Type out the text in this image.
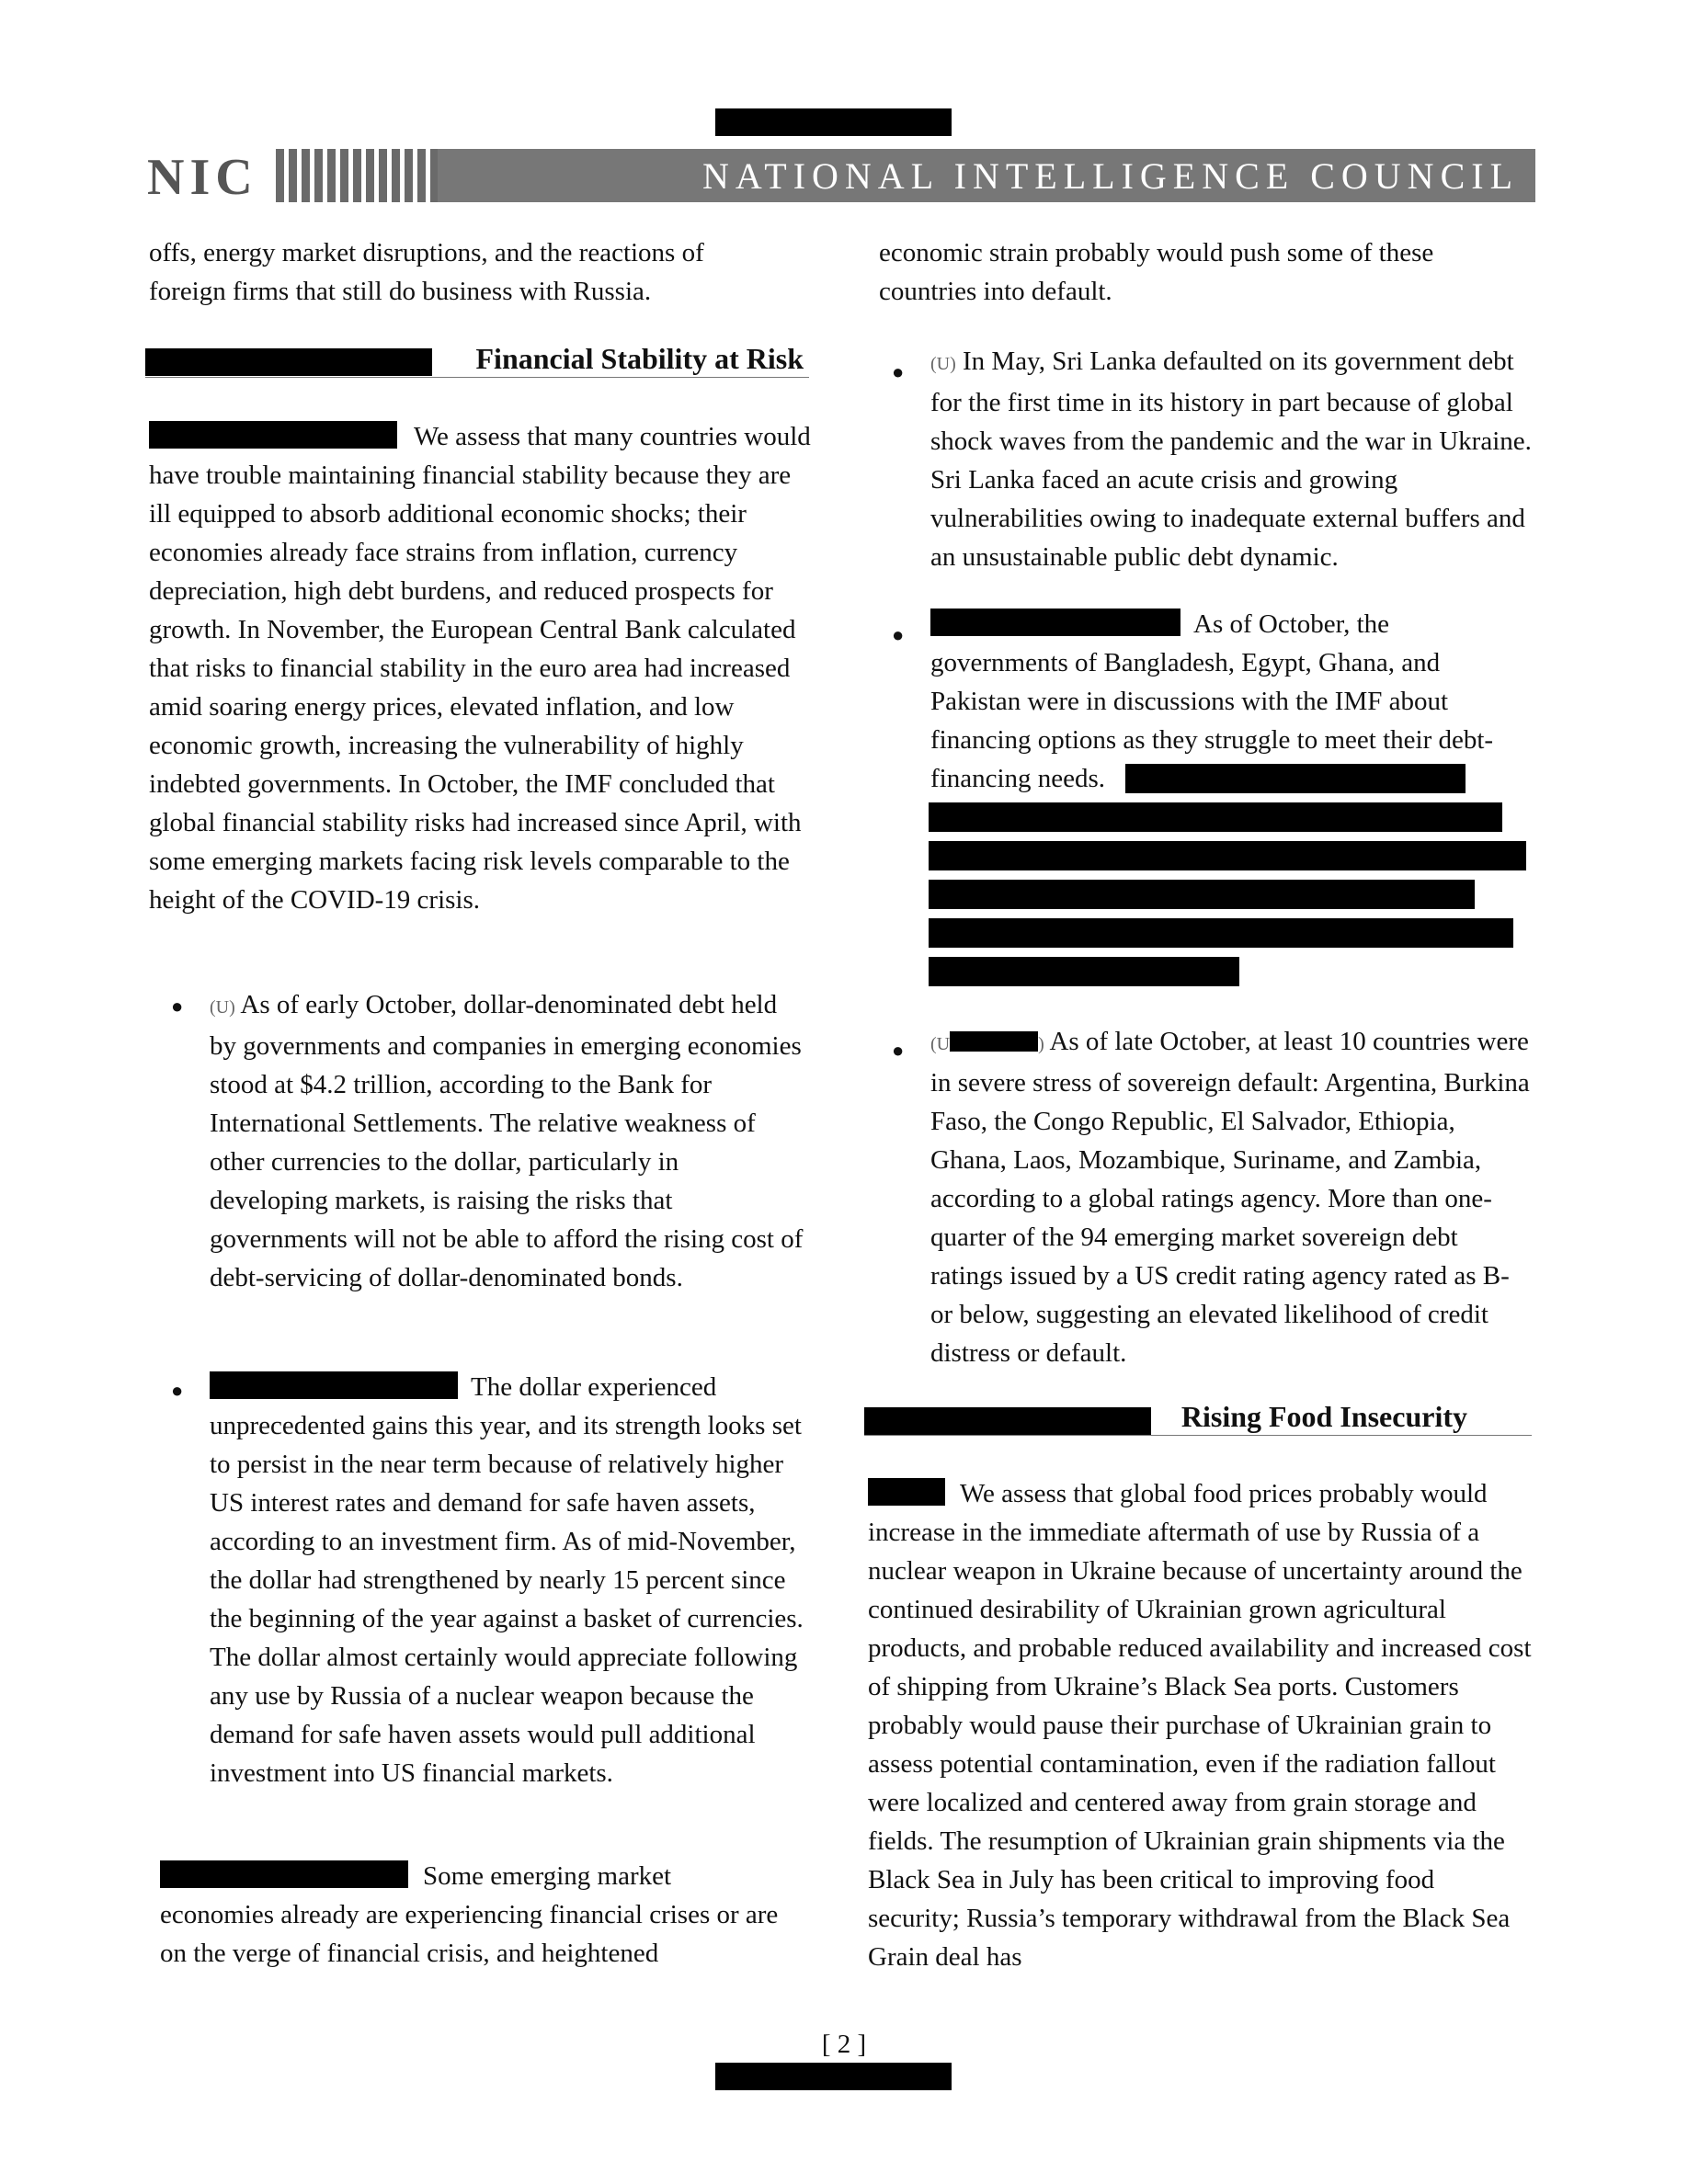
NIC	NATIONAL INTELLIGENCE COUNCIL

offs, energy market disruptions, and the reactions of foreign firms that still do business with Russia.

Financial Stability at Risk
We assess that many countries would have trouble maintaining financial stability because they are ill equipped to absorb additional economic shocks; their economies already face strains from inflation, currency depreciation, high debt burdens, and reduced prospects for growth. In November, the European Central Bank calculated that risks to financial stability in the euro area had increased amid soaring energy prices, elevated inflation, and low economic growth, increasing the vulnerability of highly indebted governments. In October, the IMF concluded that global financial stability risks had increased since April, with some emerging markets facing risk levels comparable to the height of the COVID-19 crisis.
● (U) As of early October, dollar-denominated debt held by governments and companies in emerging economies stood at $4.2 trillion, according to the Bank for International Settlements. The relative weakness of other currencies to the dollar, particularly in developing markets, is raising the risks that governments will not be able to afford the rising cost of debt-servicing of dollar-denominated bonds.
●	The dollar experienced unprecedented gains this year, and its strength looks set to persist in the near term because of relatively higher US interest rates and demand for safe haven assets, according to an investment firm. As of mid-November, the dollar had strengthened by nearly 15 percent since the beginning of the year against a basket of currencies. The dollar almost certainly would appreciate following any use by Russia of a nuclear weapon because the demand for safe haven assets would pull additional investment into US financial markets.
Some emerging market economies already are experiencing financial crises or are on the verge of financial crisis, and heightened

economic strain probably would push some of these countries into default.

● (U) In May, Sri Lanka defaulted on its government debt for the first time in its history in part because of global shock waves from the pandemic and the war in Ukraine. Sri Lanka faced an acute crisis and growing vulnerabilities owing to inadequate external buffers and an unsustainable public debt dynamic.
●	As of October, the governments of Bangladesh, Egypt, Ghana, and Pakistan were in discussions with the IMF about financing options as they struggle to meet their debt-financing needs.
● (U	) As of late October, at least 10 countries were in severe stress of sovereign default: Argentina, Burkina Faso, the Congo Republic, El Salvador, Ethiopia, Ghana, Laos, Mozambique, Suriname, and Zambia, according to a global ratings agency. More than one-quarter of the 94 emerging market sovereign debt ratings issued by a US credit rating agency rated as B- or below, suggesting an elevated likelihood of credit distress or default.
Rising Food Insecurity
We assess that global food prices probably would increase in the immediate aftermath of use by Russia of a nuclear weapon in Ukraine because of uncertainty around the continued desirability of Ukrainian grown agricultural products, and probable reduced availability and increased cost of shipping from Ukraine’s Black Sea ports. Customers probably would pause their purchase of Ukrainian grain to assess potential contamination, even if the radiation fallout were localized and centered away from grain storage and fields. The resumption of Ukrainian grain shipments via the Black Sea in July has been critical to improving food security; Russia’s temporary withdrawal from the Black Sea Grain deal has
[ 2 ]
